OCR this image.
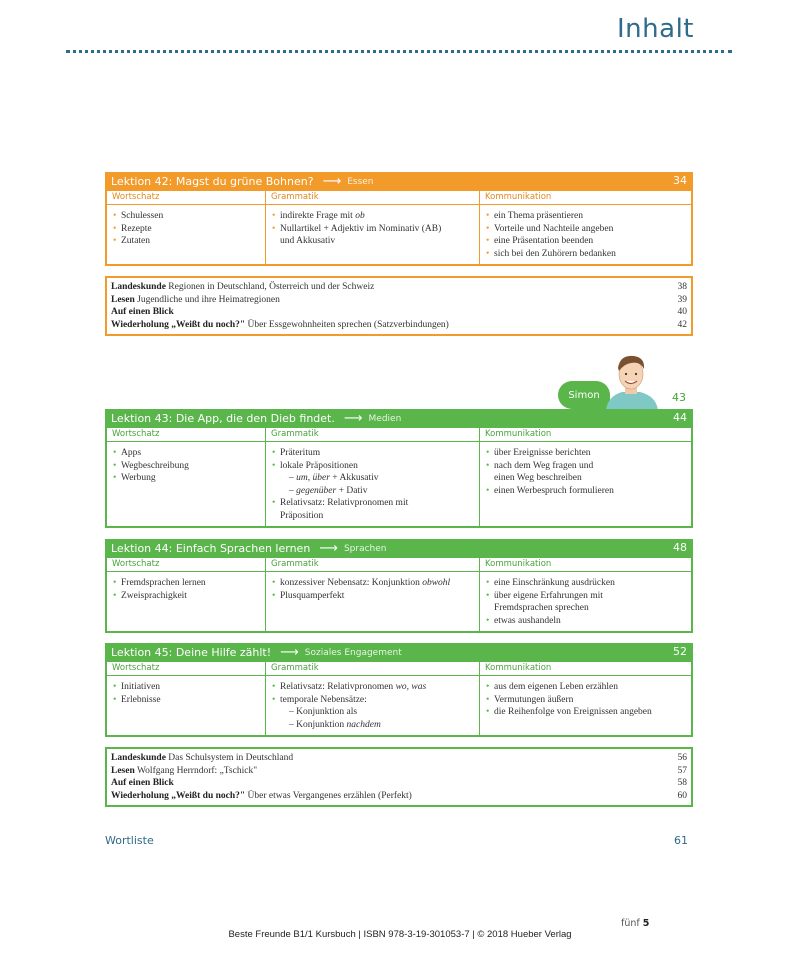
Inhalt
Lektion 42: Magst du grüne Bohnen? ⟶ Essen	34
Wortschatz
• Schulessen
• Rezepte
• Zutaten
Grammatik
• indirekte Frage mit ob
• Nullartikel + Adjektiv im Nominativ (AB)
und Akkusativ
Kommunikation
• ein Thema präsentieren
• Vorteile und Nachteile angeben
• eine Präsentation beenden
• sich bei den Zuhörern bedanken
Landeskunde Regionen in Deutschland, Österreich und der Schweiz	38
Lesen Jugendliche und ihre Heimatregionen	39
Auf einen Blick	40
Wiederholung „Weißt du noch?" Über Essgewohnheiten sprechen (Satzverbindungen)	42
Simon	43
Lektion 43: Die App, die den Dieb findet. ⟶ Medien	44
Wortschatz
• Apps
• Wegbeschreibung
• Werbung
Grammatik
• Präteritum
• lokale Präpositionen
– um, über + Akkusativ
– gegenüber + Dativ
• Relativsatz: Relativpronomen mit
Präposition
Kommunikation
• über Ereignisse berichten
• nach dem Weg fragen und
einen Weg beschreiben
• einen Werbespruch formulieren
Lektion 44: Einfach Sprachen lernen ⟶ Sprachen	48
Wortschatz
• Fremdsprachen lernen
• Zweisprachigkeit
Grammatik
• konzessiver Nebensatz: Konjunktion obwohl
• Plusquamperfekt
Kommunikation
• eine Einschränkung ausdrücken
• über eigene Erfahrungen mit
Fremdsprachen sprechen
• etwas aushandeln
Lektion 45: Deine Hilfe zählt! ⟶ Soziales Engagement	52
Wortschatz
• Initiativen
• Erlebnisse
Grammatik
• Relativsatz: Relativpronomen wo, was
• temporale Nebensätze:
– Konjunktion als
– Konjunktion nachdem
Kommunikation
• aus dem eigenen Leben erzählen
• Vermutungen äußern
• die Reihenfolge von Ereignissen angeben
Landeskunde Das Schulsystem in Deutschland	56
Lesen Wolfgang Herrndorf: „Tschick"	57
Auf einen Blick	58
Wiederholung „Weißt du noch?" Über etwas Vergangenes erzählen (Perfekt)	60
Wortliste	61
fünf 5
Beste Freunde B1/1 Kursbuch | ISBN 978-3-19-301053-7 | © 2018 Hueber Verlag
